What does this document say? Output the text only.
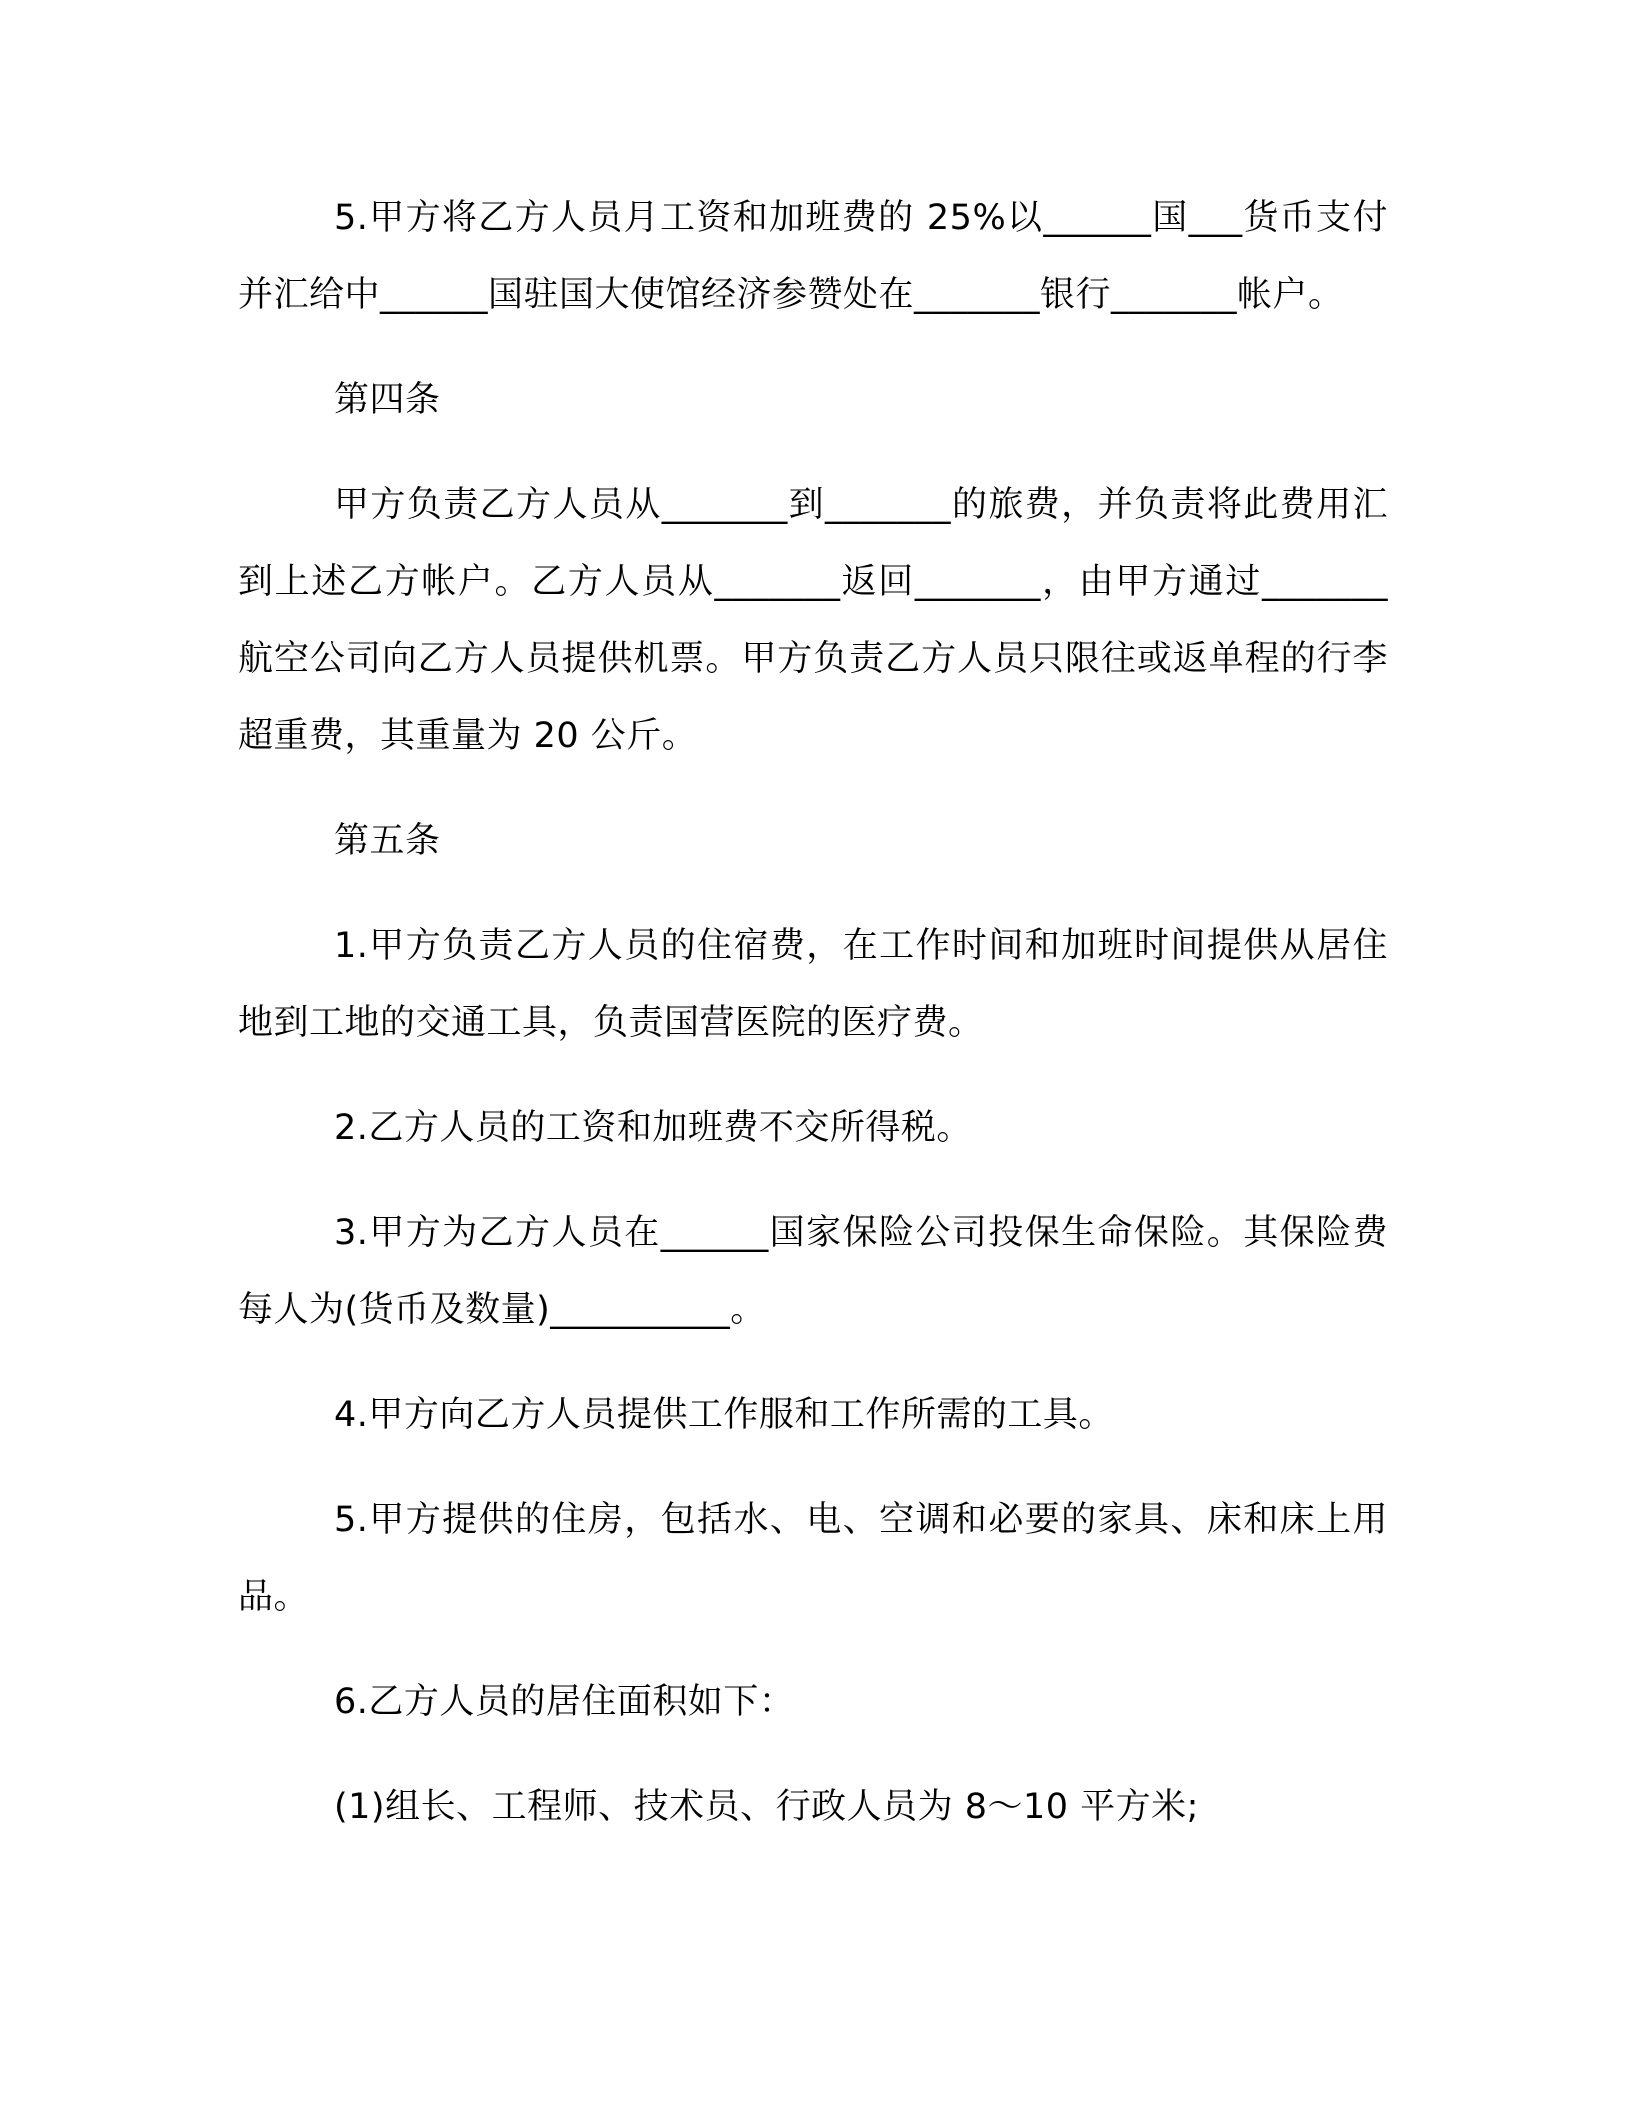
5.甲方将乙方人员月工资和加班费的 25%以______国___货币支付并汇给中______国驻国大使馆经济参赞处在_______银行_______帐户。

第四条

甲方负责乙方人员从_______到_______的旅费，并负责将此费用汇到上述乙方帐户。乙方人员从_______返回_______，由甲方通过_______航空公司向乙方人员提供机票。甲方负责乙方人员只限往或返单程的行李超重费，其重量为 20 公斤。

第五条

1.甲方负责乙方人员的住宿费，在工作时间和加班时间提供从居住地到工地的交通工具，负责国营医院的医疗费。

2.乙方人员的工资和加班费不交所得税。

3.甲方为乙方人员在______国家保险公司投保生命保险。其保险费每人为(货币及数量)__________。

4.甲方向乙方人员提供工作服和工作所需的工具。

5.甲方提供的住房，包括水、电、空调和必要的家具、床和床上用品。

6.乙方人员的居住面积如下：

(1)组长、工程师、技术员、行政人员为 8～10 平方米;
